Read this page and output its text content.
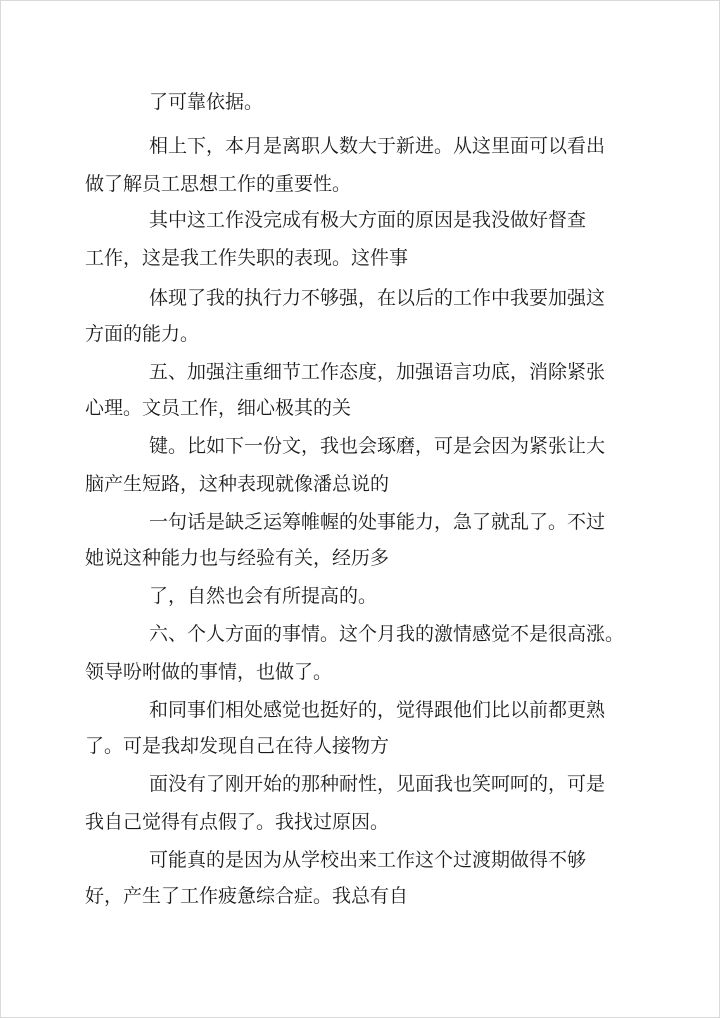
了可靠依据。
相上下，本月是离职人数大于新进。从这里面可以看出
做了解员工思想工作的重要性。
其中这工作没完成有极大方面的原因是我没做好督查
工作，这是我工作失职的表现。这件事
体现了我的执行力不够强，在以后的工作中我要加强这
方面的能力。
五、加强注重细节工作态度，加强语言功底，消除紧张
心理。文员工作，细心极其的关
键。比如下一份文，我也会琢磨，可是会因为紧张让大
脑产生短路，这种表现就像潘总说的
一句话是缺乏运筹帷幄的处事能力，急了就乱了。不过
她说这种能力也与经验有关，经历多
了，自然也会有所提高的。
六、个人方面的事情。这个月我的激情感觉不是很高涨。
领导吩咐做的事情，也做了。
和同事们相处感觉也挺好的，觉得跟他们比以前都更熟
了。可是我却发现自己在待人接物方
面没有了刚开始的那种耐性，见面我也笑呵呵的，可是
我自己觉得有点假了。我找过原因。
可能真的是因为从学校出来工作这个过渡期做得不够
好，产生了工作疲惫综合症。我总有自
